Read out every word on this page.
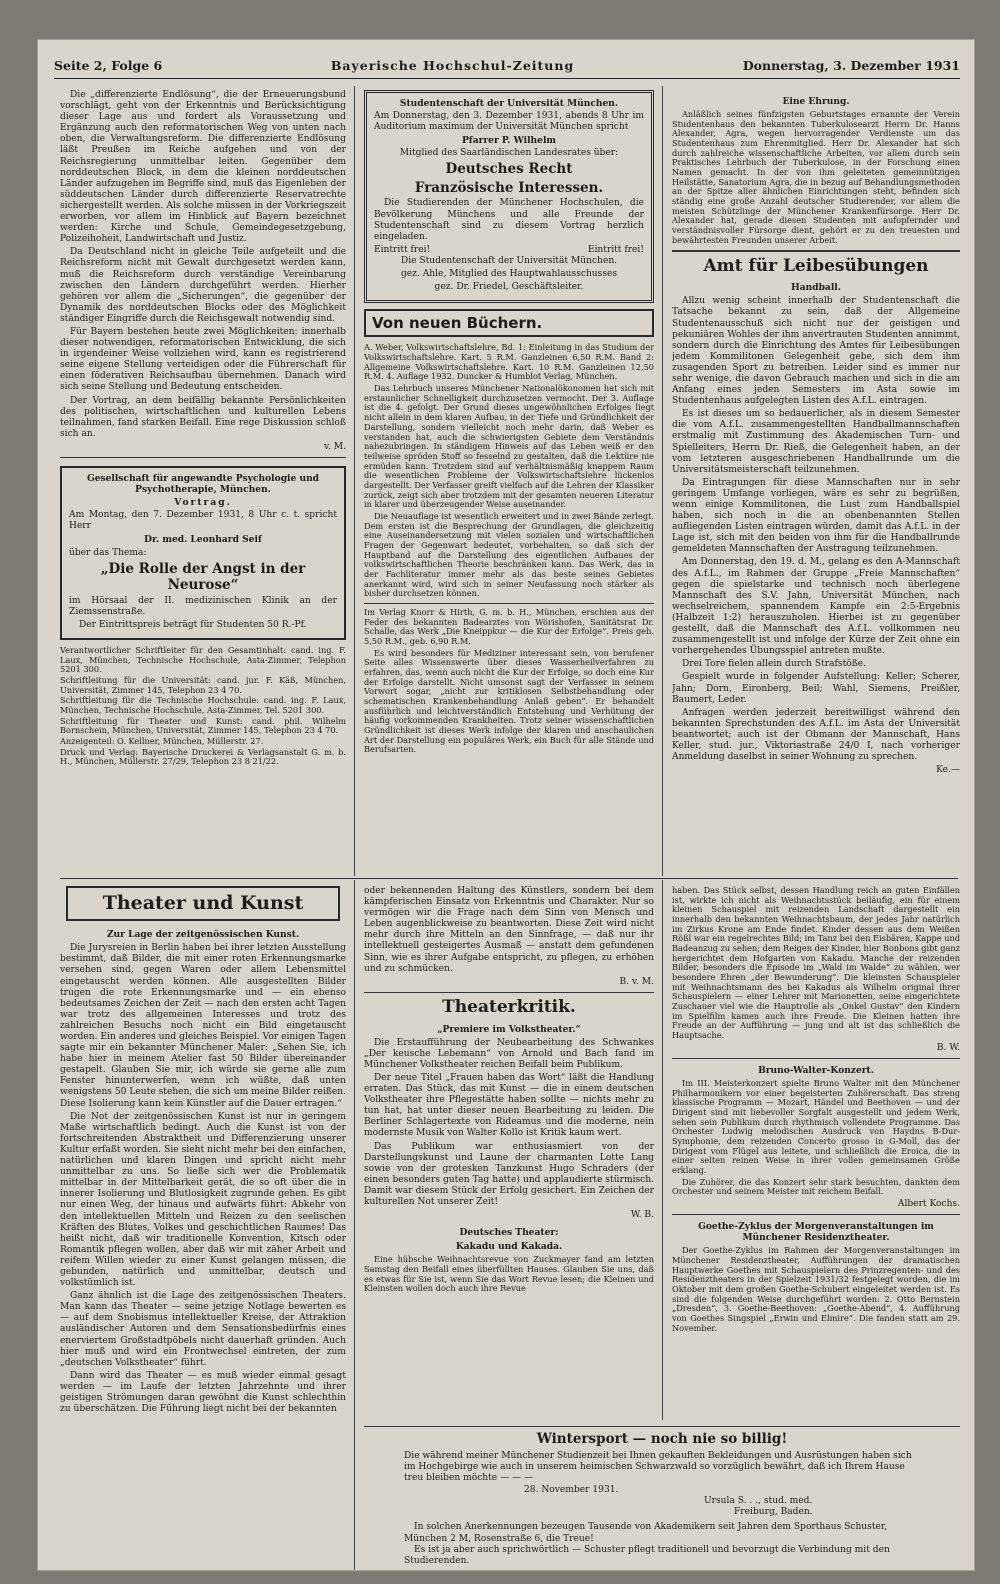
Seite 2, Folge 6	Bayerische Hochschul-Zeitung	Donnerstag, 3. Dezember 1931

Die „differenzierte Endlösung“, die der Erneuerungsbund vorschlägt, geht von der Erkenntnis und Berücksichtigung dieser Lage aus und fordert als Voraussetzung und Ergänzung auch den reformatorischen Weg von unten nach oben, die Verwaltungsreform. Die differenzierte Endlösung läßt Preußen im Reiche aufgehen und von der Reichsregierung unmittelbar leiten. Gegenüber dem norddeutschen Block, in dem die kleinen norddeutschen Länder aufzugehen im Begriffe sind, muß das Eigenleben der süddeutschen Länder durch differenzierte Reservatrechte sichergestellt werden. Als solche müssen in der Vorkriegszeit erworben, vor allem im Hinblick auf Bayern bezeichnet werden: Kirche und Schule, Gemeindegesetzgebung, Polizeihoheit, Landwirtschaft und Justiz.

Da Deutschland nicht in gleiche Teile aufgeteilt und die Reichsreform nicht mit Gewalt durchgesetzt werden kann, muß die Reichsreform durch verständige Vereinbarung zwischen den Ländern durchgeführt werden. Hierher gehören vor allem die „Sicherungen“, die gegenüber der Dynamik des norddeutschen Blocks oder des Möglichkeit ständiger Eingriffe durch die Reichsgewalt notwendig sind.

Für Bayern bestehen heute zwei Möglichkeiten: innerhalb dieser notwendigen, reformatorischen Entwicklung, die sich in irgendeiner Weise vollziehen wird, kann es registrierend seine eigene Stellung verteidigen oder die Führerschaft für einen föderativen Reichsaufbau übernehmen. Danach wird sich seine Stellung und Bedeutung entscheiden.

Der Vortrag, an dem beifällig bekannte Persönlichkeiten des politischen, wirtschaftlichen und kulturellen Lebens teilnahmen, fand starken Beifall. Eine rege Diskussion schloß sich an.

v. M.

Gesellschaft für angewandte Psychologie und Psychotherapie, München.

Vortrag.

Am Montag, den 7. Dezember 1931, 8 Uhr c. t. spricht Herr

Dr. med. Leonhard Seif

über das Thema:

„Die Rolle der Angst in der Neurose“

im Hörsaal der II. medizinischen Klinik an der Ziemssenstraße.

Der Eintrittspreis beträgt für Studenten 50 R.-Pf.

Verantwortlicher Schriftleiter für den Gesamtinhalt: cand. ing. F. Laux, München, Technische Hochschule, Asta-Zimmer, Telephon 5201 300.

Schriftleitung für die Universität: cand. jur. F. Käß, München, Universität, Zimmer 145, Telephon 23 4 70.

Schriftleitung für die Technische Hochschule: cand. ing. F. Laux, München, Technische Hochschule, Asta-Zimmer, Tel. 5201 300.

Schriftleitung für Theater und Kunst: cand. phil. Wilhelm Bornschein, München, Universität, Zimmer 145, Telephon 23 4 70.

Anzeigenteil: O. Kellner, München, Müllerstr. 27.

Druck und Verlag: Bayerische Druckerei & Verlagsanstalt G. m. b. H., München, Müllerstr. 27/29, Telephon 23 8 21/22.

Studentenschaft der Universität München.

Am Donnerstag, den 3. Dezember 1931, abends 8 Uhr im Auditorium maximum der Universität München spricht

Pfarrer P. Wilhelm

Mitglied des Saarländischen Landesrates über:

Deutsches Recht

Französische Interessen.

Die Studierenden der Münchener Hochschulen, die Bevölkerung Münchens und alle Freunde der Studentenschaft sind zu diesem Vortrag herzlich eingeladen.

Eintritt frei!	Eintritt frei!

Die Studentenschaft der Universität München.

gez. Ahle, Mitglied des Hauptwahlausschusses

gez. Dr. Friedel, Geschäftsleiter.

Von neuen Büchern.

A. Weber, Volkswirtschaftslehre, Bd. 1: Einleitung in das Studium der Volkswirtschaftslehre. Kart. 5 R.M. Ganzleinen 6,50 R.M. Band 2: Allgemeine Volkswirtschaftslehre. Kart. 10 R.M. Ganzleinen 12,50 R.M. 4. Auflage 1932. Duncker & Humblot Verlag, München.

Das Lehrbuch unseres Münchener Nationalökonomen hat sich mit erstaunlicher Schnelligkeit durchzusetzen vermocht. Der 3. Auflage ist die 4. gefolgt. Der Grund dieses ungewöhnlichen Erfolges liegt nicht allein in dem klaren Aufbau, in der Tiefe und Gründlichkeit der Darstellung, sondern vielleicht noch mehr darin, daß Weber es verstanden hat, auch die schwierigsten Gebiete dem Verständnis nahezubringen. In ständigem Hinweis auf das Leben weiß er den teilweise spröden Stoff so fesselnd zu gestalten, daß die Lektüre nie ermüden kann. Trotzdem sind auf verhältnismäßig knappem Raum die wesentlichen Probleme der Volkswirtschaftslehre lückenlos dargestellt. Der Verfasser greift vielfach auf die Lehren der Klassiker zurück, zeigt sich aber trotzdem mit der gesamten neueren Literatur in klarer und überzeugender Weise auseinander.

Die Neuauflage ist wesentlich erweitert und in zwei Bände zerlegt. Dem ersten ist die Besprechung der Grundlagen, die gleichzeitig eine Auseinandersetzung mit vielen sozialen und wirtschaftlichen Fragen der Gegenwart bedeutet, vorbehalten, so daß sich der Hauptband auf die Darstellung des eigentlichen Aufbaues der volkswirtschaftlichen Theorie beschränken kann. Das Werk, das in der Fachliteratur immer mehr als das beste seines Gebietes anerkannt wird, wird sich in seiner Neufassung noch stärker als bisher durchsetzen können.

Im Verlag Knorr & Hirth, G. m. b. H., München, erschien aus der Feder des bekannten Badearztes von Wörishofen, Sanitätsrat Dr. Schalle, das Werk „Die Kneippkur — die Kur der Erfolge“. Preis geh. 5,50 R.M., geb. 6,90 R.M.

Es wird besonders für Mediziner interessant sein, von berufener Seite alles Wissenswerte über dieses Wasserheilverfahren zu erfahren, das, wenn auch nicht die Kur der Erfolge, so doch eine Kur der Erfolge darstellt. Nicht umsonst sagt der Verfasser in seinem Vorwort sogar, „nicht zur kritiklosen Selbstbehandlung oder schematischen Krankenbehandlung Anlaß geben“. Er behandelt ausführlich und leichtverständlich Entstehung und Verhütung der häufig vorkommenden Krankheiten. Trotz seiner wissenschaftlichen Gründlichkeit ist dieses Werk infolge der klaren und anschaulichen Art der Darstellung ein populäres Werk, ein Buch für alle Stände und Berufsarten.

Eine Ehrung.

Anläßlich seines fünfzigsten Geburtstages ernannte der Verein Studentenhaus den bekannten Tuberkulosearzt Herrn Dr. Hanns Alexander, Agra, wegen hervorragender Verdienste um das Studentenhaus zum Ehrenmitglied. Herr Dr. Alexander hat sich durch zahlreiche wissenschaftliche Arbeiten, vor allem durch sein Praktisches Lehrbuch der Tuberkulose, in der Forschung einen Namen gemacht. In der von ihm geleiteten gemeinnützigen Heilstätte, Sanatorium Agra, die in bezug auf Behandlungsmethoden an der Spitze aller ähnlichen Einrichtungen steht, befinden sich ständig eine große Anzahl deutscher Studierender, vor allem die meisten Schützlinge der Münchener Krankenfürsorge. Herr Dr. Alexander hat, gerade diesen Studenten mit aufopfernder und verständnisvoller Fürsorge dient, gehört er zu den treuesten und bewährtesten Freunden unserer Arbeit.

Amt für Leibesübungen
Handball.

Allzu wenig scheint innerhalb der Studentenschaft die Tatsache bekannt zu sein, daß der Allgemeine Studentenausschuß sich nicht nur der geistigen und pekuniären Wohles der ihm anvertrauten Studenten annimmt, sondern durch die Einrichtung des Amtes für Leibesübungen jedem Kommilitonen Gelegenheit gebe, sich dem ihm zusagenden Sport zu betreiben. Leider sind es immer nur sehr wenige, die davon Gebrauch machen und sich in die am Anfang eines jeden Semesters im Asta sowie im Studentenhaus aufgelegten Listen des A.f.L. eintragen.

Es ist dieses um so bedauerlicher, als in diesem Semester die vom A.f.L. zusammengestellten Handballmannschaften erstmalig mit Zustimmung des Akademischen Turn- und Spielleiters, Herrn Dr. Rieß, die Gelegenheit haben, an der vom letzteren ausgeschriebenen Handballrunde um die Universitätsmeisterschaft teilzunehmen.

Da Eintragungen für diese Mannschaften nur in sehr geringem Umfange vorliegen, wäre es sehr zu begrüßen, wenn einige Kommilitonen, die Lust zum Handballspiel haben, sich noch in die an obenbenannten Stellen aufliegenden Listen eintragen würden, damit das A.f.L. in der Lage ist, sich mit den beiden von ihm für die Handballrunde gemeldeten Mannschaften der Austragung teilzunehmen.

Am Donnerstag, den 19. d. M., gelang es den A-Mannschaft des A.f.L., im Rahmen der Gruppe „Freie Mannschaften“ gegen die spielstarke und technisch noch überlegene Mannschaft des S.V. Jahn, Universität München, nach wechselreichem, spannendem Kampfe ein 2:5-Ergebnis (Halbzeit 1:2) herauszuholen. Hierbei ist zu gegenüber gestellt, daß die Mannschaft des A.f.L. vollkommen neu zusammengestellt ist und infolge der Kürze der Zeit ohne ein vorhergehendes Übungsspiel antreten mußte.

Drei Tore fielen allein durch Strafstöße.

Gespielt wurde in folgender Aufstellung: Keller; Scherer, Jahn; Dorn, Eironberg, Beil; Wahl, Siemens, Preißler, Baumert, Leder.

Anfragen werden jederzeit bereitwilligst während den bekannten Sprechstunden des A.f.L. im Asta der Universität beantwortet; auch ist der Obmann der Mannschaft, Hans Keller, stud. jur., Viktoriastraße 24/0 I, nach vorheriger Anmeldung daselbst in seiner Wohnung zu sprechen.

Ke.—
Theater und Kunst
Zur Lage der zeitgenössischen Kunst.

Die Jurysreien in Berlin haben bei ihrer letzten Ausstellung bestimmt, daß Bilder, die mit einer roten Erkennungsmarke versehen sind, gegen Waren oder allem Lebensmittel eingetauscht werden können. Alle ausgestellten Bilder trugen die rote Erkennungsmarke und — ein ebenso bedeutsames Zeichen der Zeit — nach den ersten acht Tagen war trotz des allgemeinen Interesses und trotz des zahlreichen Besuchs noch nicht ein Bild eingetauscht worden. Ein anderes und gleiches Beispiel. Vor einigen Tagen sagte mir ein bekannter Münchener Maler: „Sehen Sie, ich habe hier in meinem Atelier fast 50 Bilder übereinander gestapelt. Glauben Sie mir, ich würde sie gerne alle zum Fenster hinunterwerfen, wenn ich wüßte, daß unten wenigstens 50 Leute stehen, die sich um meine Bilder reißen. Diese Isolierung kann kein Künstler auf die Dauer ertragen.“

Die Not der zeitgenössischen Kunst ist nur in geringem Maße wirtschaftlich bedingt. Auch die Kunst ist von der fortschreitenden Abstraktheit und Differenzierung unserer Kultur erfaßt worden. Sie sieht nicht mehr bei den einfachen, natürlichen und klaren Dingen und spricht nicht mehr unmittelbar zu uns. So ließe sich wer die Problematik mittelbar in der Mittelbarkeit gerät, die so oft über die in innerer Isolierung und Blutlosigkeit zugrunde gehen. Es gibt nur einen Weg, der hinaus und aufwärts führt: Abkehr von den intellektuellen Mitteln und Reizen zu den seelischen Kräften des Blutes, Volkes und geschichtlichen Raumes! Das heißt nicht, daß wir traditionelle Konvention, Kitsch oder Romantik pflegen wollen, aber daß wir mit zäher Arbeit und reifem Willen wieder zu einer Kunst gelangen müssen, die gebunden, natürlich und unmittelbar, deutsch und volkstümlich ist.

Ganz ähnlich ist die Lage des zeitgenössischen Theaters. Man kann das Theater — seine jetzige Notlage bewerten es — auf dem Snobismus intellektueller Kreise, der Attraktion ausländischer Autoren und dem Sensationsbedürfnis eines enerviertem Großstadtpöbels nicht dauerhaft gründen. Auch hier muß und wird ein Frontwechsel eintreten, der zum „deutschen Volkstheater“ führt.

Dann wird das Theater — es muß wieder einmal gesagt werden — im Laufe der letzten Jahrzehnte und ihrer geistigen Strömungen daran gewöhnt die Kunst schlechthin zu überschätzen. Die Führung liegt nicht bei der bekannten

oder bekennenden Haltung des Künstlers, sondern bei dem kämpferischen Einsatz von Erkenntnis und Charakter. Nur so vermögen wir die Frage nach dem Sinn von Mensch und Leben augenblickweise zu beantworten. Diese Zeit wird nicht mehr durch ihre Mitteln an den Sinnfrage, — daß nur ihr intellektuell gesteigertes Ausmaß — anstatt dem gefundenen Sinn, wie es ihrer Aufgabe entspricht, zu pflegen, zu erhöhen und zu schmücken.

B. v. M.
Theaterkritik.
„Premiere im Volkstheater.“

Die Erstaufführung der Neubearbeitung des Schwankes „Der keusche Lebemann“ von Arnold und Bach fand im Münchener Volkstheater reichen Beifall beim Publikum.

Der neue Titel „Frauen haben das Wort“ läßt die Handlung erraten. Das Stück, das mit Kunst — die in einem deutschen Volkstheater ihre Pflegestätte haben sollte — nichts mehr zu tun hat, hat unter dieser neuen Bearbeitung zu leiden. Die Berliner Schlagertexte von Rideamus und die moderne, nein modernste Musik von Walter Kollo ist Kritik kaum wert.

Das Publikum war enthusiasmiert von der Darstellungskunst und Laune der charmanten Lotte Lang sowie von der grotesken Tanzkunst Hugo Schraders (der einen besonders guten Tag hatte) und applaudierte stürmisch. Damit war diesem Stück der Erfolg gesichert. Ein Zeichen der kulturellen Not unserer Zeit!

W. B.
Deutsches Theater:
Kakadu und Kakada.

Eine hübsche Weihnachtsrevue von Zuckmayer fand am letzten Samstag den Beifall eines überfüllten Hauses. Glauben Sie uns, daß es etwas für Sie ist, wenn Sie das Wort Revue lesen; die Kleinen und Kleinsten wollen doch auch ihre Revue

haben. Das Stück selbst, dessen Handlung reich an guten Einfällen ist, wirkte ich nicht als Weihnachtsstück beiläufig, ein für einem kleinen Schauspiel mit reizenden Landschaft dargestellt ein innerhalb den bekannten Weihnachtsbaum, der jedes Jahr natürlich im Zirkus Krone am Ende findet. Kinder dessen aus dem Weißen Rößl war ein regelrechtes Bild; im Tanz bei den Eisbären, Kappe und Badeanzug zu sehen; dem Reigen der Kinder, hier Bonbons gibt ganz hergerichtet dem Hofgarten von Kakadu. Manche der reizenden Bilder, besonders die Episode im „Wald im Walde“ zu wählen, wer besondere Ehren „der Bewunderung“. Die kleinsten Schauspieler mit Weihnachtsmann des bei Kakadus als Wilhelm original ihrer Schauspielern — einer Lehrer mit Marionetten, seine eingerichtete Zuschauer viel wie die Hauptrolle als „Onkel Gustav“ den Kindern im Spielfilm kamen auch ihre Freude. Die Kleinen hatten ihre Freude an der Aufführung — jung und alt ist das schließlich die Hauptsache.

B. W.
Bruno-Walter-Konzert.

Im III. Meisterkonzert spielte Bruno Walter mit den Münchener Philharmonikern vor einer begeisterten Zuhörerschaft. Das streng klassische Programm — Mozart, Händel und Beethoven — und der Dirigent sind mit liebevoller Sorgfalt ausgestellt und jedem Werk, sehen sein Publikum durch rhythmisch vollendete Programme. Das Orchester Ludwig melodischen Ausdruck von Haydns B-Dur-Symphonie, dem reizenden Concerto grosso in G-Moll, das der Dirigent vom Flügel aus leitete, und schließlich die Eroica, die in einer selten reinen Weise in ihrer vollen gemeinsamen Größe erklang.

Die Zuhörer, die das Konzert sehr stark besuchten, dankten dem Orchester und seinem Meister mit reichem Beifall.

Albert Kochs.
Goethe-Zyklus der Morgenveranstaltungen im Münchener Residenztheater.

Der Goethe-Zyklus im Rahmen der Morgenveranstaltungen im Münchener Residenztheater, Aufführungen der dramatischen Hauptwerke Goethes mit Schauspielern des Prinzregenten- und des Residenztheaters in der Spielzeit 1931/32 festgelegt worden, die im Oktober mit dem großen Goethe-Schubert eingeleitet werden ist. Es sind die folgenden Weise durchgeführt worden: 2. Otto Bernstein „Dresden“, 3. Goethe-Beethoven: „Goethe-Abend“, 4. Aufführung von Goethes Singspiel „Erwin und Elmire“. Die fanden statt am 29. November.

Wintersport — noch nie so billig!
Die während meiner Münchener Studienzeit bei Ihnen gekauften Bekleidungen und Ausrüstungen haben sich im Hochgebirge wie auch in unserem heimischen Schwarzwald so vorzüglich bewährt, daß ich Ihrem Hause treu bleiben möchte — — —
28. November 1931.
Ursula S. . ., stud. med.
Freiburg, Baden.
In solchen Anerkennungen bezeugen Tausende von Akademikern seit Jahren dem Sporthaus Schuster, München 2 M, Rosenstraße 6, die Treue!
Es ist ja aber auch sprichwörtlich — Schuster pflegt traditionell und bevorzugt die Verbindung mit den Studierenden.
